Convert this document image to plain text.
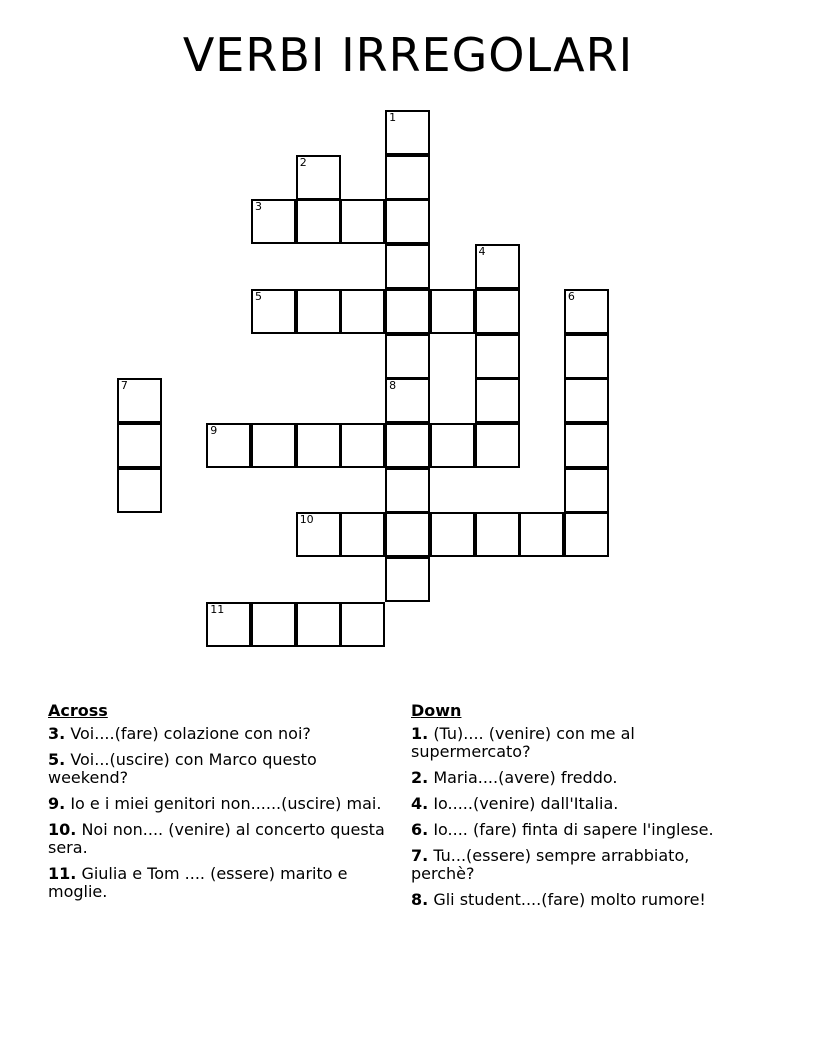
VERBI IRREGOLARI
1
2
3
4
5	6
7	8
9
10
11
Across
3. Voi....(fare) colazione con noi?
5. Voi...(uscire) con Marco questo weekend?
9. Io e i miei genitori non......(uscire) mai.
10. Noi non.... (venire) al concerto questa sera.
11. Giulia e Tom .... (essere) marito e moglie.
Down
1. (Tu).... (venire) con me al supermercato?
2. Maria....(avere) freddo.
4. Io.....(venire) dall'Italia.
6. Io.... (fare) finta di sapere l'inglese.
7. Tu...(essere) sempre arrabbiato, perchè?
8. Gli student....(fare) molto rumore!
